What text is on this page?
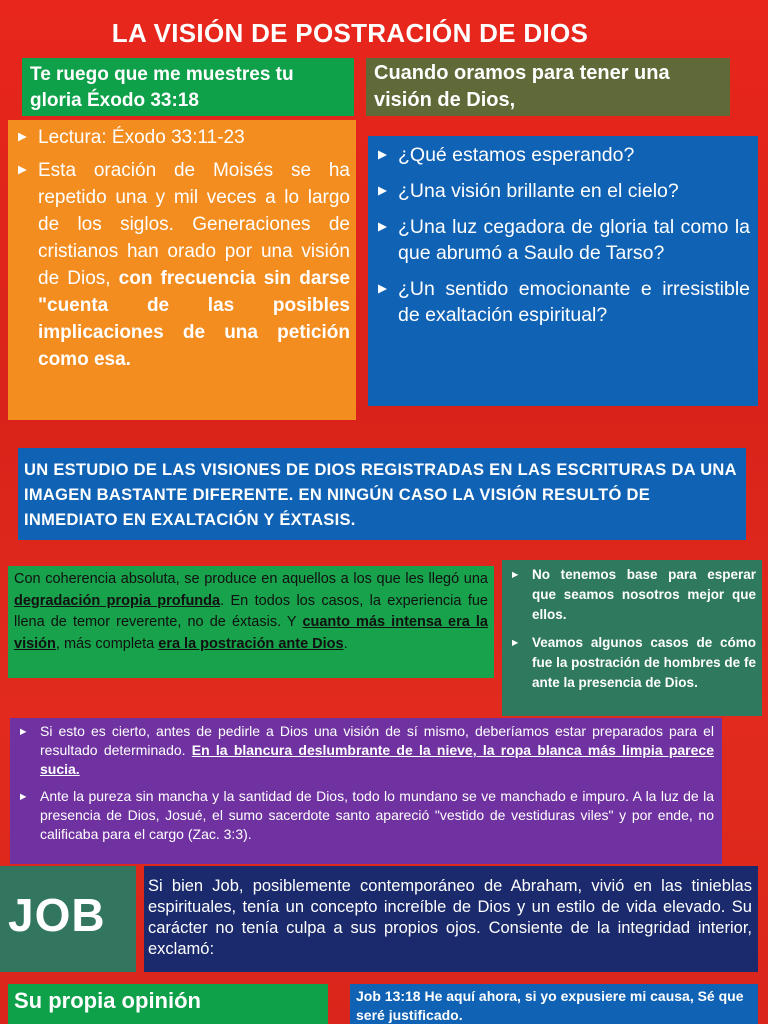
LA VISIÓN DE POSTRACIÓN DE DIOS
Te ruego que me muestres tu gloria Éxodo 33:18
Cuando oramos para tener una visión de Dios,
▶ Lectura: Éxodo 33:11-23
▶ Esta oración de Moisés se ha repetido una y mil veces a lo largo de los siglos. Generaciones de cristianos han orado por una visión de Dios, con frecuencia sin darse "cuenta de las posibles implicaciones de una petición como esa.
▶ ¿Qué estamos esperando?
▶ ¿Una visión brillante en el cielo?
▶ ¿Una luz cegadora de gloria tal como la que abrumó a Saulo de Tarso?
▶ ¿Un sentido emocionante e irresistible de exaltación espiritual?
UN ESTUDIO DE LAS VISIONES DE DIOS REGISTRADAS EN LAS ESCRITURAS DA UNA IMAGEN BASTANTE DIFERENTE. EN NINGÚN CASO LA VISIÓN RESULTÓ DE INMEDIATO EN EXALTACIÓN Y ÉXTASIS.
Con coherencia absoluta, se produce en aquellos a los que les llegó una degradación propia profunda. En todos los casos, la experiencia fue llena de temor reverente, no de éxtasis. Y cuanto más intensa era la visión, más completa era la postración ante Dios.
▶ No tenemos base para esperar que seamos nosotros mejor que ellos.
▶ Veamos algunos casos de cómo fue la postración de hombres de fe ante la presencia de Dios.
▶ Si esto es cierto, antes de pedirle a Dios una visión de sí mismo, deberíamos estar preparados para el resultado determinado. En la blancura deslumbrante de la nieve, la ropa blanca más limpia parece sucia.
▶ Ante la pureza sin mancha y la santidad de Dios, todo lo mundano se ve manchado e impuro. A la luz de la presencia de Dios, Josué, el sumo sacerdote santo apareció "vestido de vestiduras viles" y por ende, no calificaba para el cargo (Zac. 3:3).
JOB
Si bien Job, posiblemente contemporáneo de Abraham, vivió en las tinieblas espirituales, tenía un concepto increíble de Dios y un estilo de vida elevado. Su carácter no tenía culpa a sus propios ojos. Consiente de la integridad interior, exclamó:
Su propia opinión	Job 13:18 He aquí ahora, si yo expusiere mi causa, Sé que seré justificado.
